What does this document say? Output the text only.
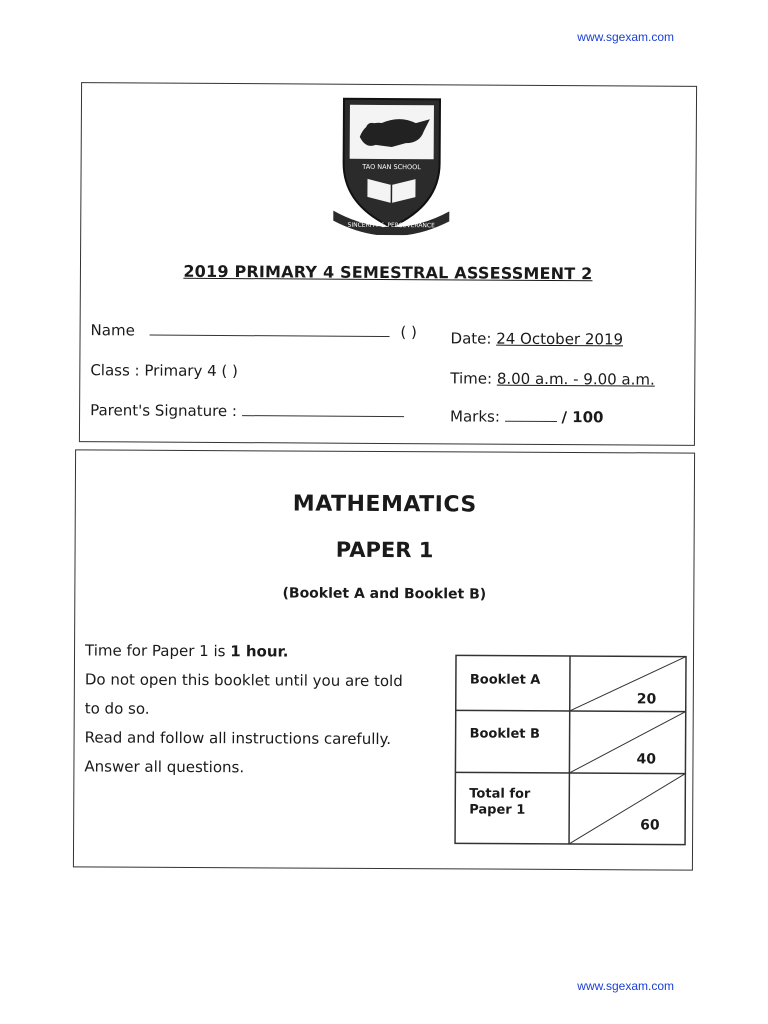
www.sgexam.com
TAO NAN SCHOOL
SINCERITY & PERSEVERANCE
2019 PRIMARY 4 SEMESTRAL ASSESSMENT 2
Name	( ) Date: 24 October 2019
Class : Primary 4 ( )	Time: 8.00 a.m. - 9.00 a.m.
Parent's Signature :	Marks:	/ 100
MATHEMATICS
PAPER 1
(Booklet A and Booklet B)
Time for Paper 1 is 1 hour.
Do not open this booklet until you are told
to do so.
Read and follow all instructions carefully.
Answer all questions.
Booklet A
20
Booklet B
40
Total for
Paper 1
60
www.sgexam.com
